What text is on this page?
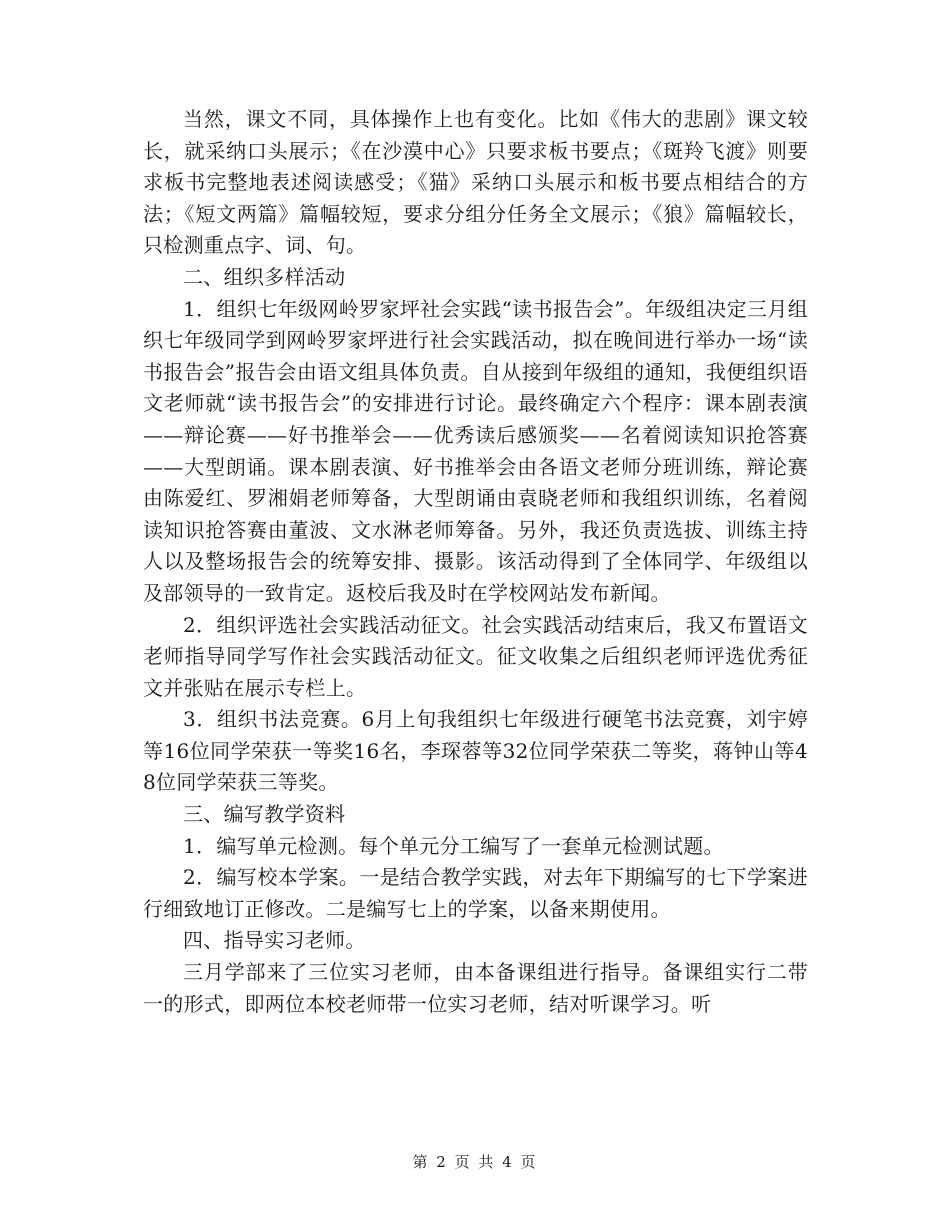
当然，课文不同，具体操作上也有变化。比如《伟大的悲剧》课文较长，就采纳口头展示；《在沙漠中心》只要求板书要点；《斑羚飞渡》则要求板书完整地表述阅读感受；《猫》采纳口头展示和板书要点相结合的方法；《短文两篇》篇幅较短，要求分组分任务全文展示；《狼》篇幅较长，只检测重点字、词、句。

二、组织多样活动

1．组织七年级网岭罗家坪社会实践“读书报告会”。年级组决定三月组织七年级同学到网岭罗家坪进行社会实践活动，拟在晚间进行举办一场“读书报告会”报告会由语文组具体负责。自从接到年级组的通知，我便组织语文老师就“读书报告会”的安排进行讨论。最终确定六个程序：课本剧表演——辩论赛——好书推举会——优秀读后感颁奖——名着阅读知识抢答赛——大型朗诵。课本剧表演、好书推举会由各语文老师分班训练，辩论赛由陈爱红、罗湘娟老师筹备，大型朗诵由袁晓老师和我组织训练，名着阅读知识抢答赛由董波、文水淋老师筹备。另外，我还负责选拔、训练主持人以及整场报告会的统筹安排、摄影。该活动得到了全体同学、年级组以及部领导的一致肯定。返校后我及时在学校网站发布新闻。

2．组织评选社会实践活动征文。社会实践活动结束后，我又布置语文老师指导同学写作社会实践活动征文。征文收集之后组织老师评选优秀征文并张贴在展示专栏上。

3．组织书法竞赛。6月上旬我组织七年级进行硬笔书法竞赛，刘宇婷等16位同学荣获一等奖16名，李琛蓉等32位同学荣获二等奖，蒋钟山等48位同学荣获三等奖。

三、编写教学资料

1．编写单元检测。每个单元分工编写了一套单元检测试题。

2．编写校本学案。一是结合教学实践，对去年下期编写的七下学案进行细致地订正修改。二是编写七上的学案，以备来期使用。

四、指导实习老师。

三月学部来了三位实习老师，由本备课组进行指导。备课组实行二带一的形式，即两位本校老师带一位实习老师，结对听课学习。听

第 2 页 共 4 页
